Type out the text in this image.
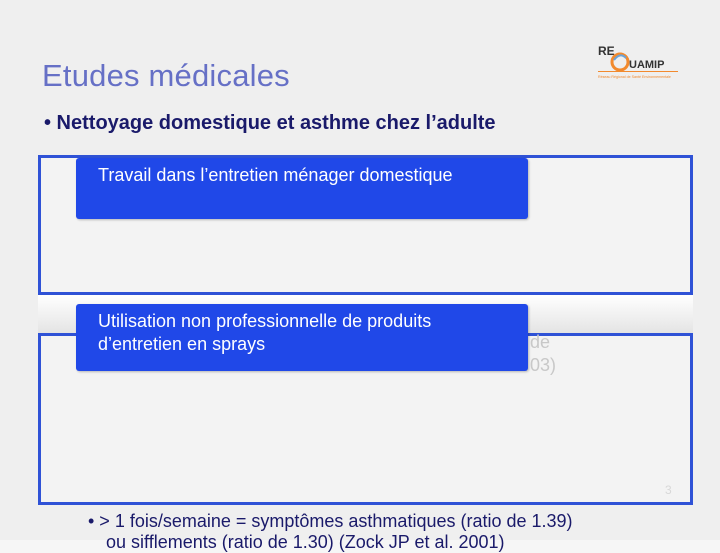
RE
UAMIP
Réseau Régional de Santé Environnementale
Etudes médicales
• Nettoyage domestique et asthme chez l’adulte
de
03)
Travail dans l’entretien ménager domestique
Utilisation non professionnelle de produits d’entretien en sprays
3
• > 1 fois/semaine = symptômes asthmatiques (ratio de 1.39)
ou sifflements (ratio de 1.30) (Zock JP et al. 2001)
